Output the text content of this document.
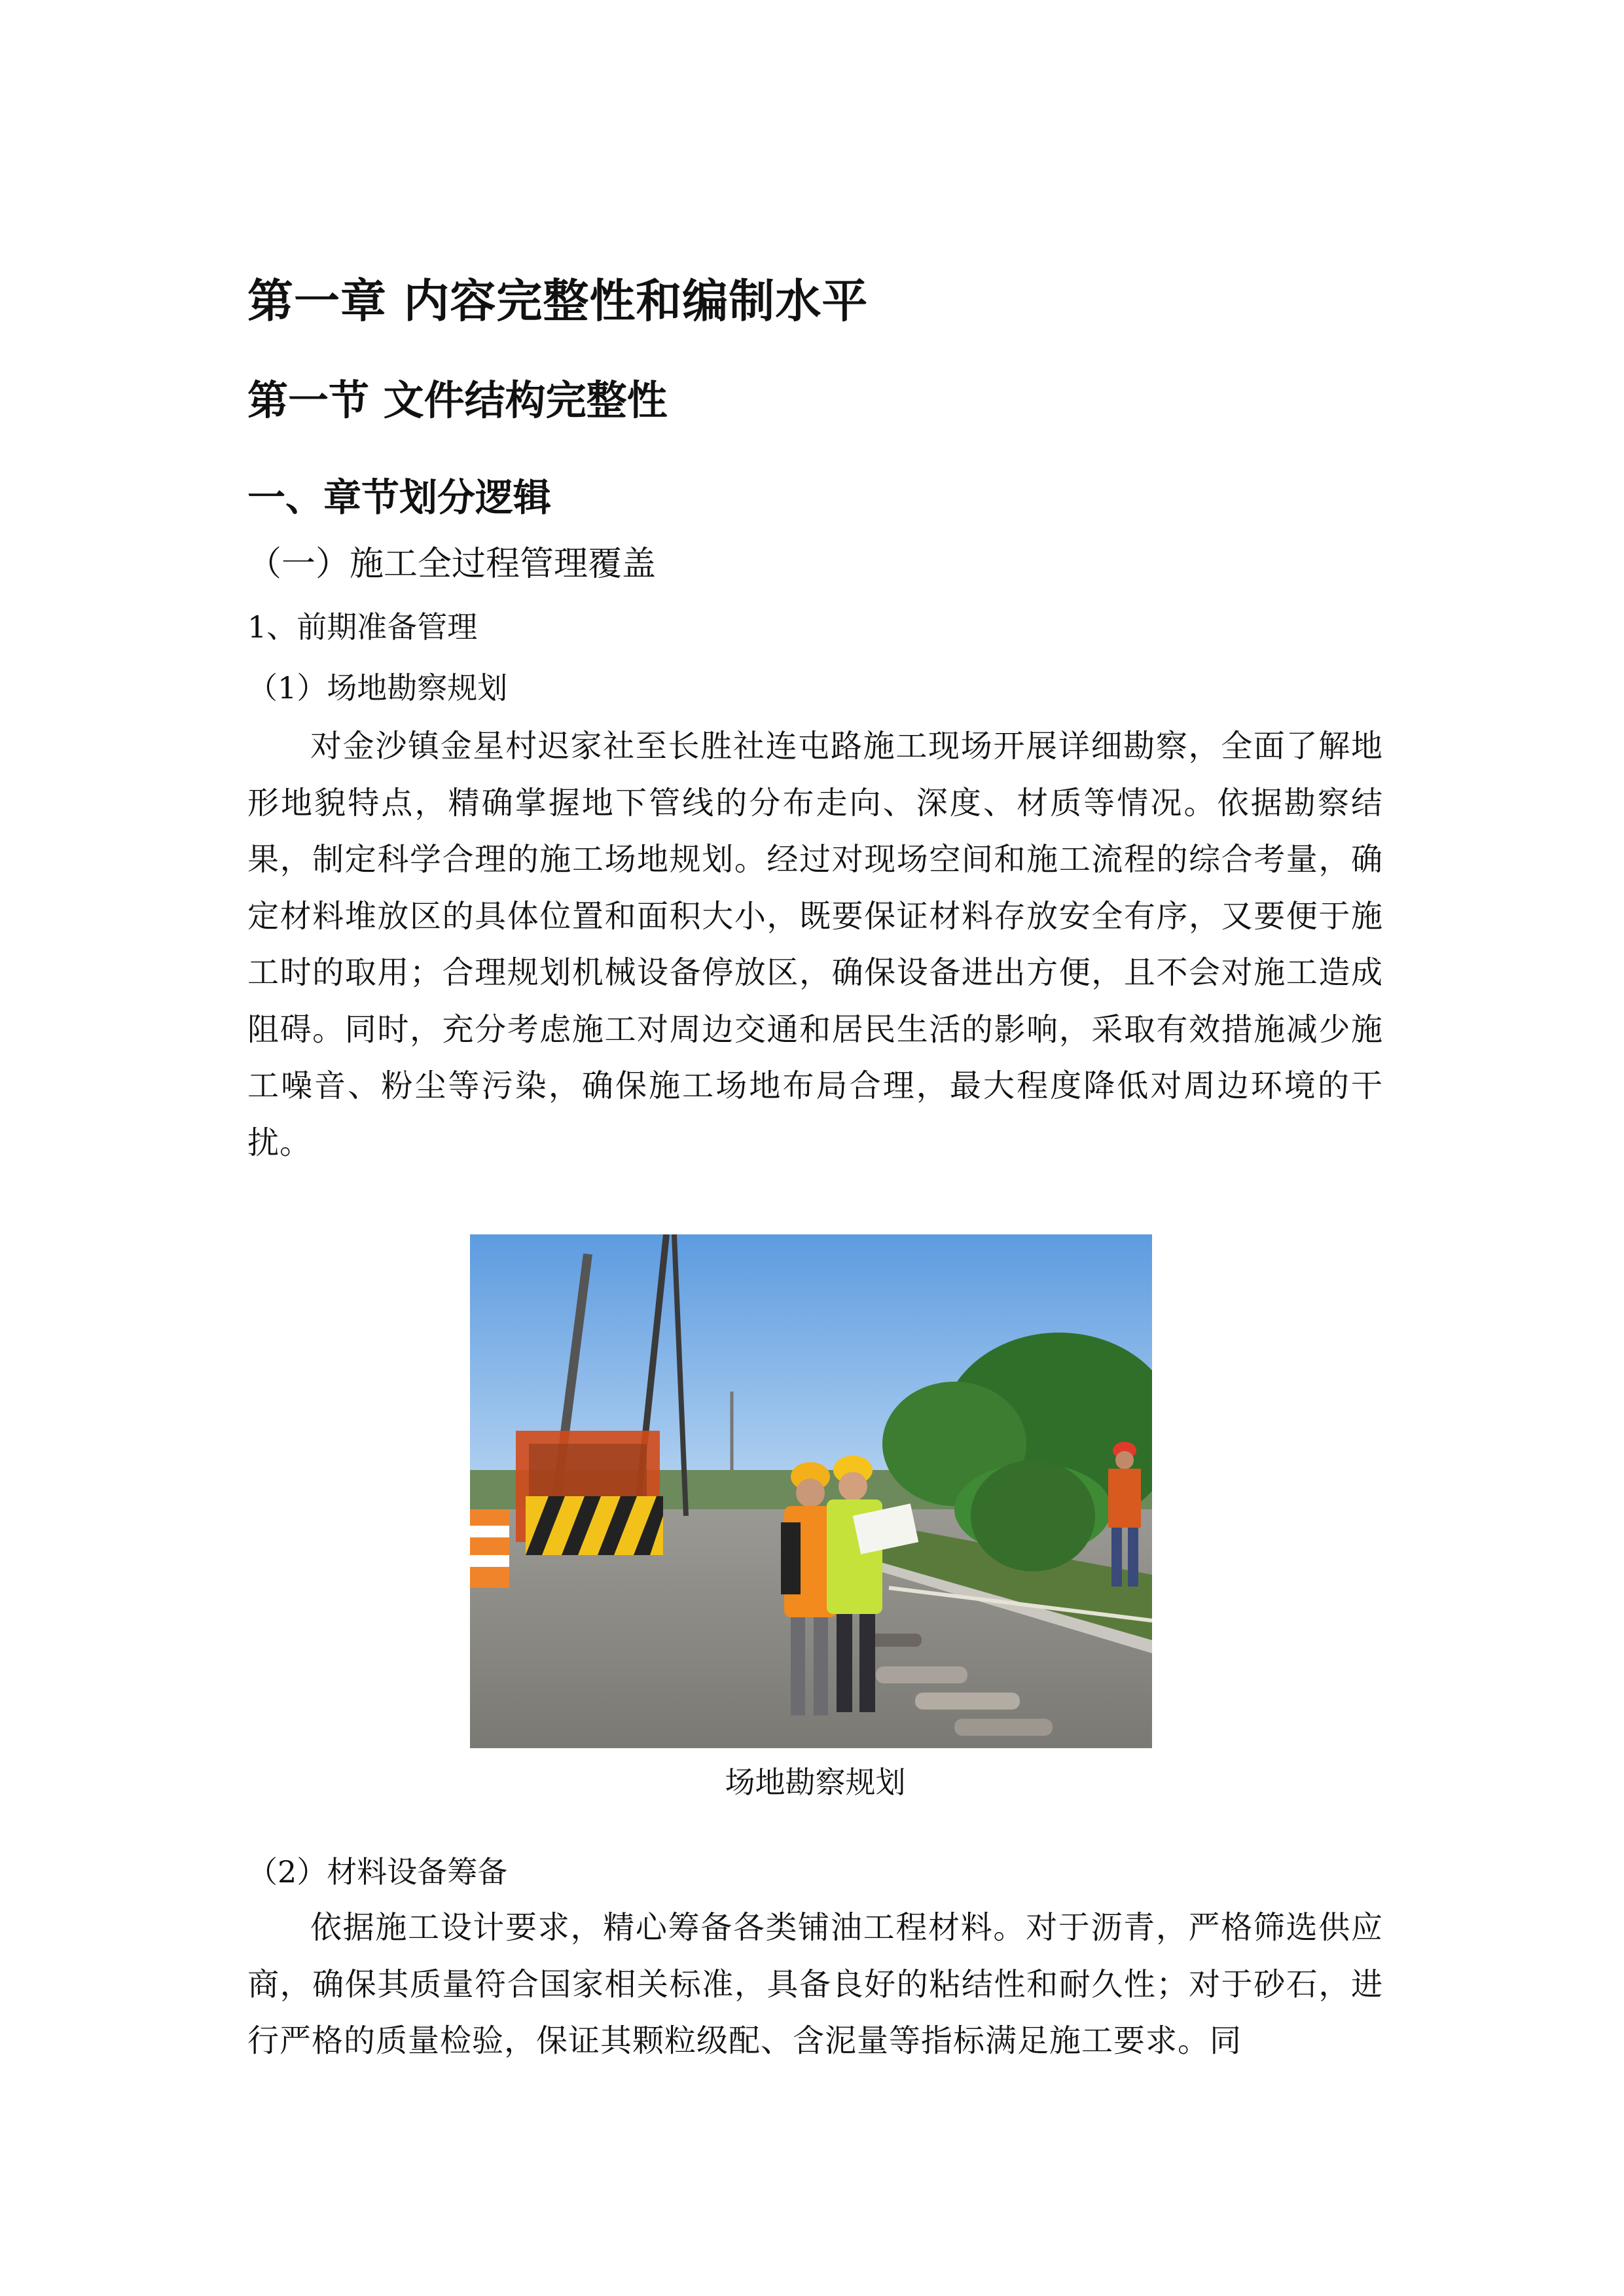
第一章 内容完整性和编制水平
第一节 文件结构完整性
一、章节划分逻辑
（一）施工全过程管理覆盖
1、前期准备管理
（1）场地勘察规划
对金沙镇金星村迟家社至长胜社连屯路施工现场开展详细勘察，全面了解地形地貌特点，精确掌握地下管线的分布走向、深度、材质等情况。依据勘察结果，制定科学合理的施工场地规划。经过对现场空间和施工流程的综合考量，确定材料堆放区的具体位置和面积大小，既要保证材料存放安全有序，又要便于施工时的取用；合理规划机械设备停放区，确保设备进出方便，且不会对施工造成阻碍。同时，充分考虑施工对周边交通和居民生活的影响，采取有效措施减少施工噪音、粉尘等污染，确保施工场地布局合理，最大程度降低对周边环境的干扰。
场地勘察规划
（2）材料设备筹备
依据施工设计要求，精心筹备各类铺油工程材料。对于沥青，严格筛选供应商，确保其质量符合国家相关标准，具备良好的粘结性和耐久性；对于砂石，进行严格的质量检验，保证其颗粒级配、含泥量等指标满足施工要求。同
